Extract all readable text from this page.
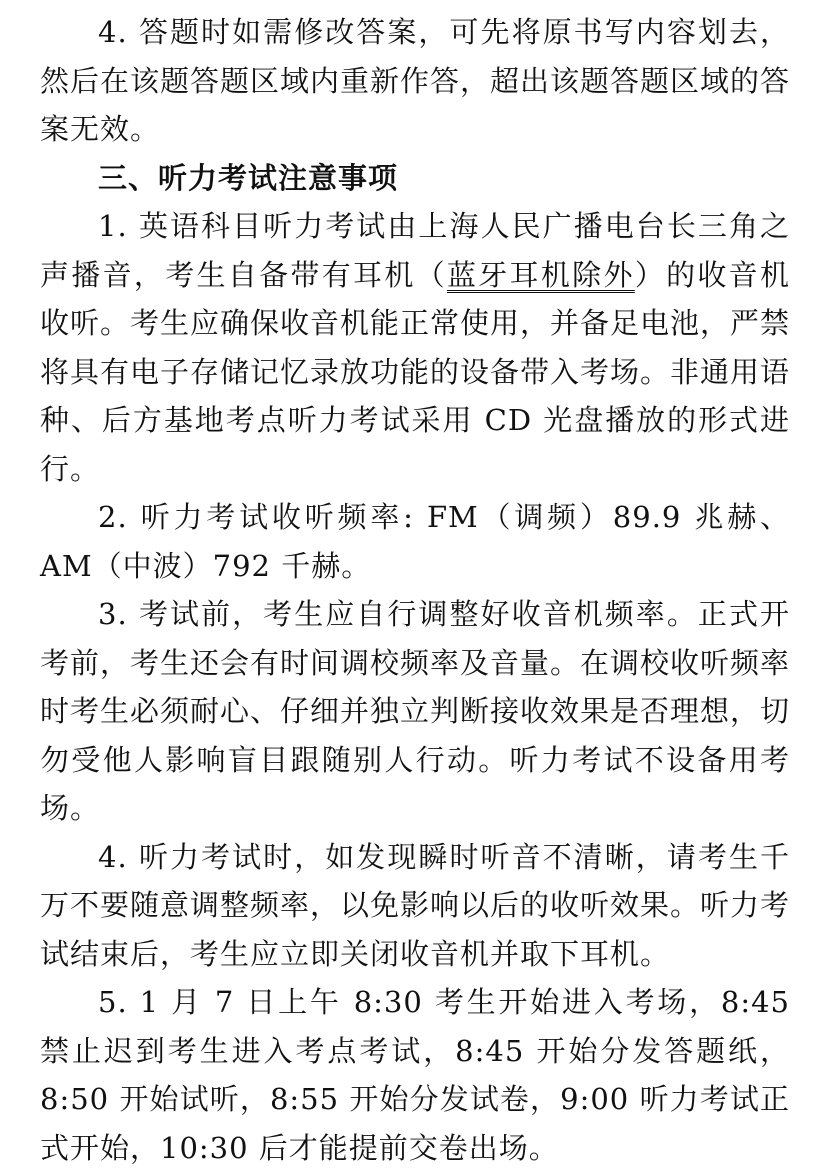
4. 答题时如需修改答案，可先将原书写内容划去，然后在该题答题区域内重新作答，超出该题答题区域的答案无效。

三、听力考试注意事项

1. 英语科目听力考试由上海人民广播电台长三角之声播音，考生自备带有耳机（蓝牙耳机除外）的收音机收听。考生应确保收音机能正常使用，并备足电池，严禁将具有电子存储记忆录放功能的设备带入考场。非通用语种、后方基地考点听力考试采用 CD 光盘播放的形式进行。

2. 听力考试收听频率: FM（调频）89.9 兆赫、AM（中波）792 千赫。

3. 考试前，考生应自行调整好收音机频率。正式开考前，考生还会有时间调校频率及音量。在调校收听频率时考生必须耐心、仔细并独立判断接收效果是否理想，切勿受他人影响盲目跟随别人行动。听力考试不设备用考场。

4. 听力考试时，如发现瞬时听音不清晰，请考生千万不要随意调整频率，以免影响以后的收听效果。听力考试结束后，考生应立即关闭收音机并取下耳机。

5. 1 月 7 日上午 8:30 考生开始进入考场，8:45 禁止迟到考生进入考点考试，8:45 开始分发答题纸，8:50 开始试听，8:55 开始分发试卷，9:00 听力考试正式开始，10:30 后才能提前交卷出场。
